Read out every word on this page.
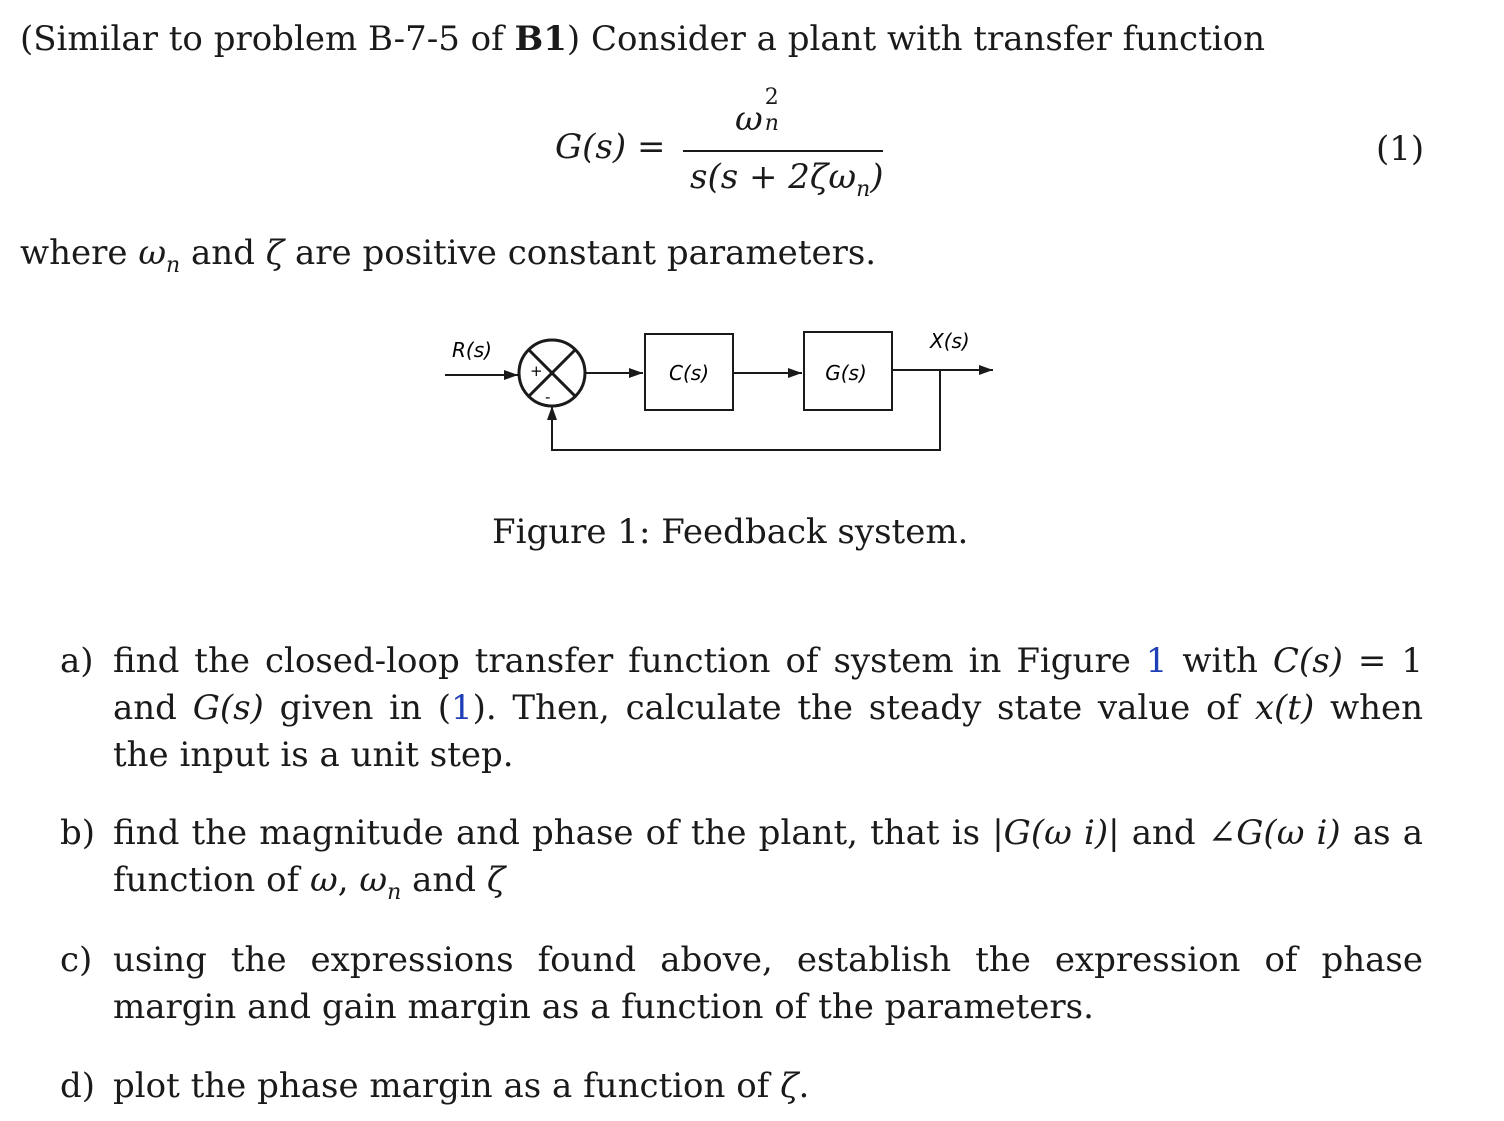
(Similar to problem B-7-5 of B1) Consider a plant with transfer function
G(s) =
ω
2
n
$s(s + 2\zeta\omega_n)$
(1)
where $\omega_n$ and ζ are positive constant parameters.
+
-
C(s)	G(s)
R(s)	X(s)
Figure 1: Feedback system.
a) find the closed-loop transfer function of system in Figure 1 with C(s) = 1 and G(s) given in (1). Then, calculate the steady state value of x(t) when the input is a unit step.
b) find the magnitude and phase of the plant, that is |G(ω i)| and ∠G(ω i) as a function of ω, $\omega_n$ and ζ
c) using the expressions found above, establish the expression of phase margin and gain margin as a function of the parameters.
d) plot the phase margin as a function of ζ.
